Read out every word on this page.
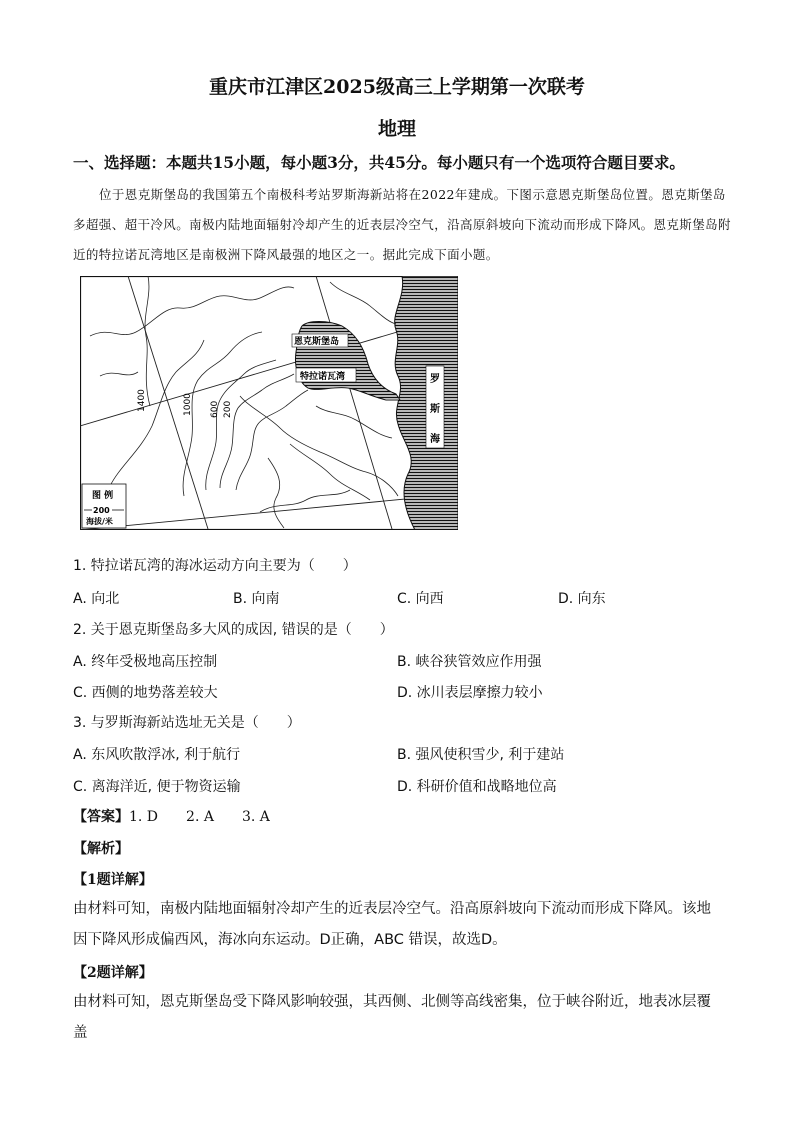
重庆市江津区2025级高三上学期第一次联考
地理
一、选择题：本题共15小题，每小题3分，共45分。每小题只有一个选项符合题目要求。
位于恩克斯堡岛的我国第五个南极科考站罗斯海新站将在2022年建成。下图示意恩克斯堡岛位置。恩克斯堡岛多超强、超干冷风。南极内陆地面辐射冷却产生的近表层冷空气，沿高原斜坡向下流动而形成下降风。恩克斯堡岛附近的特拉诺瓦湾地区是南极洲下降风最强的地区之一。据此完成下面小题。
1400	1000 600 200
恩克斯堡岛
特拉诺瓦湾	罗
斯
海
图 例
200
海拔/米
1. 特拉诺瓦湾的海冰运动方向主要为（　　）
A. 向北	B. 向南	C. 向西	D. 向东
2. 关于恩克斯堡岛多大风的成因, 错误的是（　　）
A. 终年受极地高压控制	B. 峡谷狭管效应作用强
C. 西侧的地势落差较大	D. 冰川表层摩擦力较小
3. 与罗斯海新站选址无关是（　　）
A. 东风吹散浮冰, 利于航行	B. 强风使积雪少, 利于建站
C. 离海洋近, 便于物资运输	D. 科研价值和战略地位高
【答案】1. D　　2. A　　3. A
【解析】
【1题详解】
由材料可知，南极内陆地面辐射冷却产生的近表层冷空气。沿高原斜坡向下流动而形成下降风。该地因下降风形成偏西风，海冰向东运动。D正确，ABC 错误，故选D。
【2题详解】
由材料可知，恩克斯堡岛受下降风影响较强，其西侧、北侧等高线密集，位于峡谷附近，地表冰层覆盖
